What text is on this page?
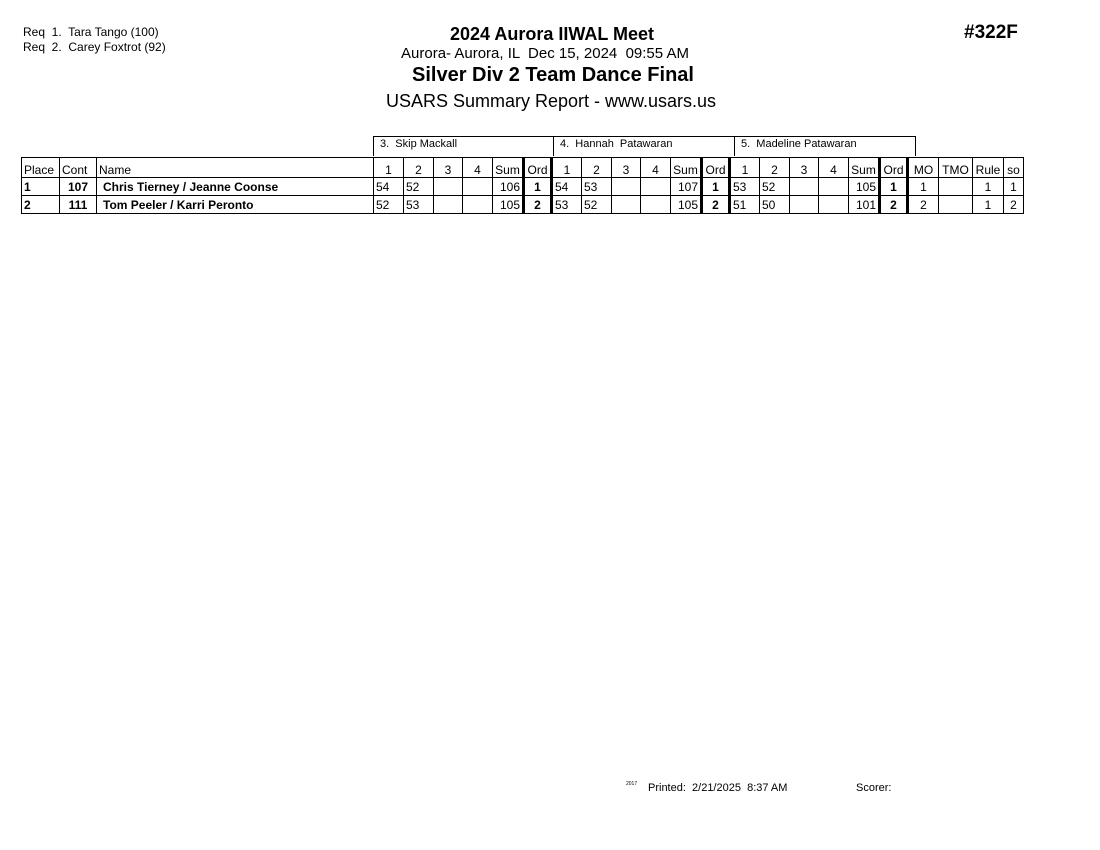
Req  1.  Tara Tango (100)
Req  2.  Carey Foxtrot (92)
#322F
2024 Aurora IIWAL Meet
Aurora- Aurora, IL  Dec 15, 2024  09:55 AM
Silver Div 2 Team Dance Final
USARS Summary Report - www.usars.us
3.  Skip Mackall	4.  Hannah  Patawaran	5.  Madeline Patawaran
Place	Cont	Name	1	2	3	4	Sum	Ord	1	2	3	4	Sum	Ord	1	2	3	4	Sum	Ord	MO	TMO	Rule	so
1	107	Chris Tierney / Jeanne Coonse	54	52			106	1	54	53			107	1	53	52			105	1	1		1	1
2	111	Tom Peeler / Karri Peronto	52	53			105	2	53	52			105	2	51	50			101	2	2		1	2
2017 Printed:  2/21/2025  8:37 AM	Scorer:
